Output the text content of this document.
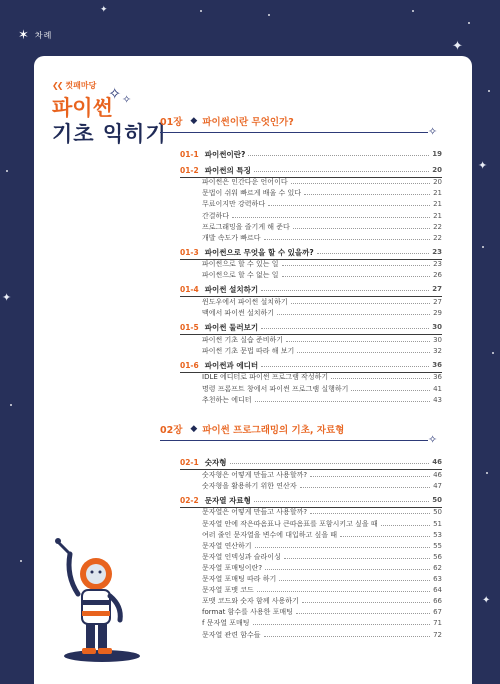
✦
✦
✦
✦
✦
✶ 차례
❮❮ 컷패마당
파이썬
기초 익히기
✧ ✧
01장 ◆ 파이썬이란 무엇인가?
✧
01-1 파이썬이란?	19
01-2 파이썬의 특징	20
파이썬은 인간다운 언어이다	20
문법이 쉬워 빠르게 배울 수 있다	21
무료이지만 강력하다	21
간결하다	21
프로그래밍을 즐기게 해 준다	22
개발 속도가 빠르다	22
01-3 파이썬으로 무엇을 할 수 있을까?	23
파이썬으로 할 수 있는 일	23
파이썬으로 할 수 없는 일	26
01-4 파이썬 설치하기	27
윈도우에서 파이썬 설치하기	27
맥에서 파이썬 설치하기	29
01-5 파이썬 둘러보기	30
파이썬 기초 실습 준비하기	30
파이썬 기초 문법 따라 해 보기	32
01-6 파이썬과 에디터	36
IDLE 에디터로 파이썬 프로그램 작성하기	36
명령 프롬프트 창에서 파이썬 프로그램 실행하기	41
추천하는 에디터	43
02장 ◆ 파이썬 프로그래밍의 기초, 자료형
✧
02-1 숫자형	46
숫자형은 어떻게 만들고 사용할까?	46
숫자형을 활용하기 위한 연산자	47
02-2 문자열 자료형	50
문자열은 어떻게 만들고 사용할까?	50
문자열 안에 작은따옴표나 큰따옴표를 포함시키고 싶을 때	51
여러 줄인 문자열을 변수에 대입하고 싶을 때	53
문자열 연산하기	55
문자열 인덱싱과 슬라이싱	56
문자열 포매팅이란?	62
문자열 포매팅 따라 하기	63
문자열 포맷 코드	64
포맷 코드와 숫자 함께 사용하기	66
format 함수를 사용한 포매팅	67
f 문자열 포매팅	71
문자열 관련 함수들	72
